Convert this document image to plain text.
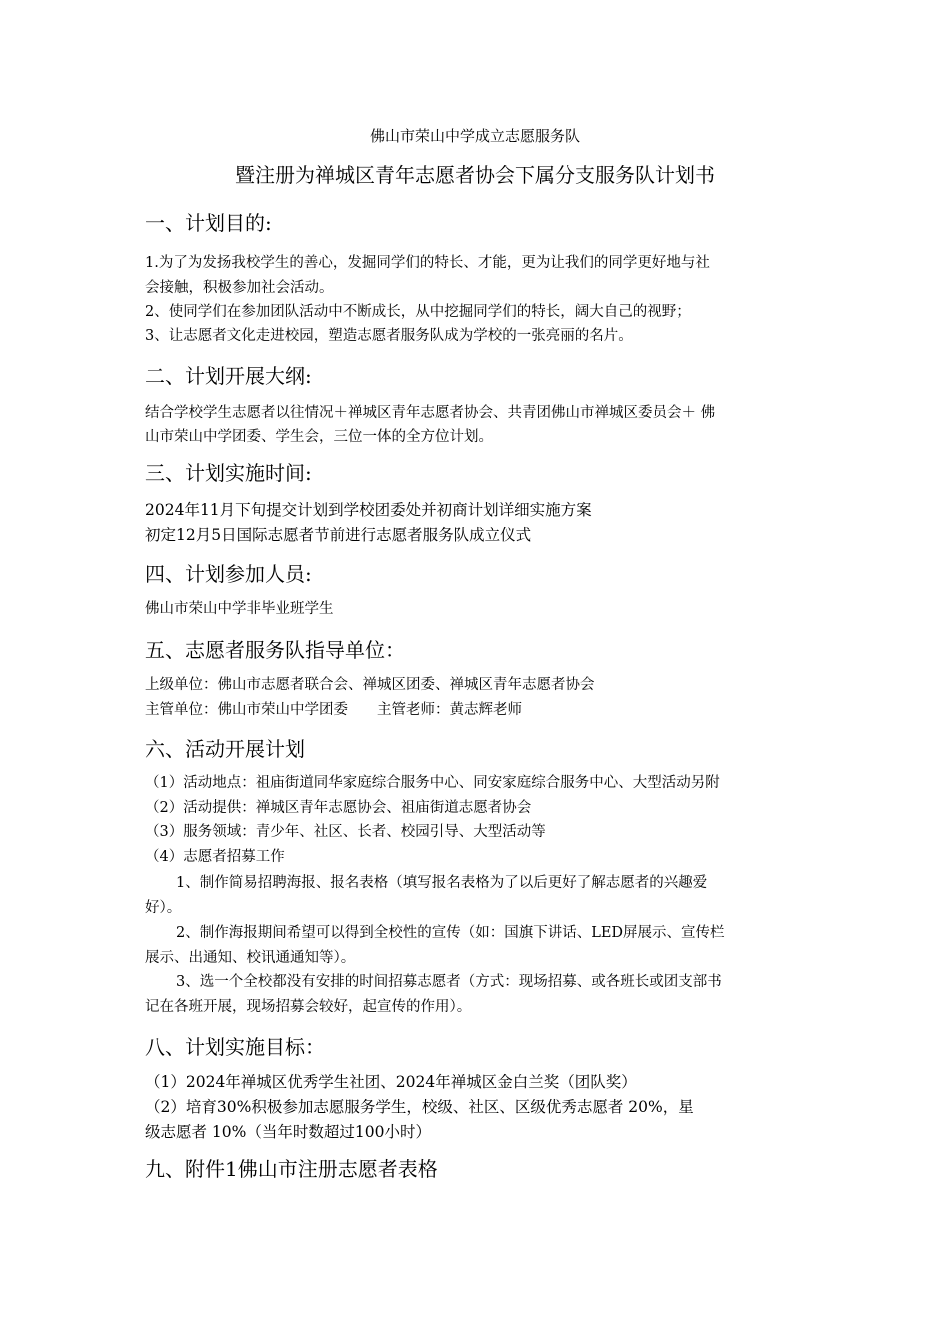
佛山市荣山中学成立志愿服务队
暨注册为禅城区青年志愿者协会下属分支服务队计划书
一、计划目的:
1.为了为发扬我校学生的善心，发掘同学们的特长、才能，更为让我们的同学更好地与社
会接触，积极参加社会活动。
2、使同学们在参加团队活动中不断成长，从中挖掘同学们的特长，阔大自己的视野；
3、让志愿者文化走进校园，塑造志愿者服务队成为学校的一张亮丽的名片。
二、计划开展大纲:
结合学校学生志愿者以往情况＋禅城区青年志愿者协会、共青团佛山市禅城区委员会＋ 佛
山市荣山中学团委、学生会，三位一体的全方位计划。
三、计划实施时间:
2024年11月下旬提交计划到学校团委处并初商计划详细实施方案
初定12月5日国际志愿者节前进行志愿者服务队成立仪式
四、计划参加人员:
佛山市荣山中学非毕业班学生
五、志愿者服务队指导单位：
上级单位：佛山市志愿者联合会、禅城区团委、禅城区青年志愿者协会
主管单位：佛山市荣山中学团委　　主管老师：黄志辉老师
六、活动开展计划
（1）活动地点：祖庙街道同华家庭综合服务中心、同安家庭综合服务中心、大型活动另附
（2）活动提供：禅城区青年志愿协会、祖庙街道志愿者协会
（3）服务领域：青少年、社区、长者、校园引导、大型活动等
（4）志愿者招募工作
1、制作简易招聘海报、报名表格（填写报名表格为了以后更好了解志愿者的兴趣爱
好）。
2、制作海报期间希望可以得到全校性的宣传（如：国旗下讲话、LED屏展示、宣传栏
展示、出通知、校讯通通知等）。
3、选一个全校都没有安排的时间招募志愿者（方式：现场招募、或各班长或团支部书
记在各班开展，现场招募会较好，起宣传的作用）。
八、计划实施目标：
（1）2024年禅城区优秀学生社团、2024年禅城区金白兰奖（团队奖）
（2）培育30%积极参加志愿服务学生，校级、社区、区级优秀志愿者 20%，星
级志愿者 10%（当年时数超过100小时）
九、附件1佛山市注册志愿者表格
